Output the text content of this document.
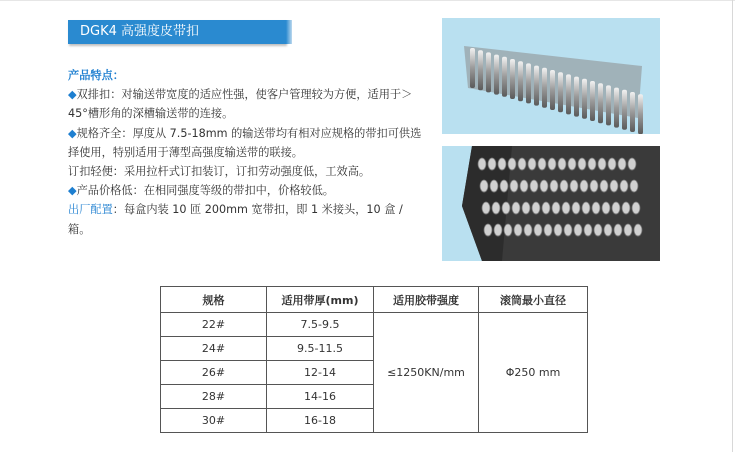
DGK4 高强度皮带扣
产品特点：

◆双排扣：对输送带宽度的适应性强，使客户管理较为方便，适用于＞45°槽形角的深槽输送带的连接。

◆规格齐全：厚度从 7.5-18mm 的输送带均有相对应规格的带扣可供选择使用，特别适用于薄型高强度输送带的联接。

订扣轻便：采用拉杆式订扣装订，订扣劳动强度低，工效高。

◆产品价格低：在相同强度等级的带扣中，价格较低。

出厂配置：每盒内装 10 匝 200mm 宽带扣，即 1 米接头，10 盒 /箱。

规格	适用带厚(mm)	适用胶带强度	滚筒最小直径
22#	7.5-9.5	≤1250KN/mm	Φ250 mm
24#	9.5-11.5		
26#	12-14		
28#	14-16		
30#	16-18		
